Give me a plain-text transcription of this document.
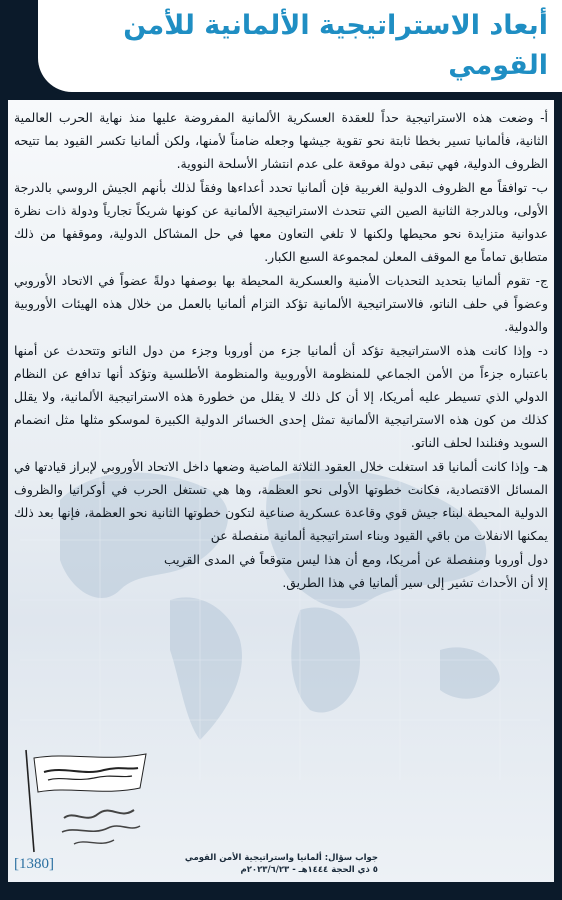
أبعاد الاستراتيجية الألمانية للأمن
القومي

أ- وضعت هذه الاستراتيجية حداً للعقدة العسكرية الألمانية المفروضة عليها منذ نهاية الحرب العالمية الثانية، فألمانيا تسير بخطا ثابتة نحو تقوية جيشها وجعله ضامناً لأمنها، ولكن ألمانيا تكسر القيود بما تتيحه الظروف الدولية، فهي تبقى دولة موقعة على عدم انتشار الأسلحة النووية.

ب- توافقاً مع الظروف الدولية الغربية فإن ألمانيا تحدد أعداءها وفقاً لذلك بأنهم الجيش الروسي بالدرجة الأولى، وبالدرجة الثانية الصين التي تتحدث الاستراتيجية الألمانية عن كونها شريكاً تجارياً ودولة ذات نظرة عدوانية متزايدة نحو محيطها ولكنها لا تلغي التعاون معها في حل المشاكل الدولية، وموقفها من ذلك متطابق تماماً مع الموقف المعلن لمجموعة السبع الكبار.

ج- تقوم ألمانيا بتحديد التحديات الأمنية والعسكرية المحيطة بها بوصفها دولةً عضواً في الاتحاد الأوروبي وعضواً في حلف الناتو، فالاستراتيجية الألمانية تؤكد التزام ألمانيا بالعمل من خلال هذه الهيئات الأوروبية والدولية.

د- وإذا كانت هذه الاستراتيجية تؤكد أن ألمانيا جزء من أوروبا وجزء من دول الناتو وتتحدث عن أمنها باعتباره جزءاً من الأمن الجماعي للمنظومة الأوروبية والمنظومة الأطلسية وتؤكد أنها تدافع عن النظام الدولي الذي تسيطر عليه أمريكا، إلا أن كل ذلك لا يقلل من خطورة هذه الاستراتيجية الألمانية، ولا يقلل كذلك من كون هذه الاستراتيجية الألمانية تمثل إحدى الخسائر الدولية الكبيرة لموسكو مثلها مثل انضمام السويد وفنلندا لحلف الناتو.

هـ- وإذا كانت ألمانيا قد استغلت خلال العقود الثلاثة الماضية وضعها داخل الاتحاد الأوروبي لإبراز قيادتها في المسائل الاقتصادية، فكانت خطوتها الأولى نحو العظمة، وها هي تستغل الحرب في أوكرانيا والظروف الدولية المحيطة لبناء جيش قوي وقاعدة عسكرية صناعية لتكون خطوتها الثانية نحو العظمة، فإنها بعد ذلك يمكنها الانفلات من باقي القيود وبناء استراتيجية ألمانية منفصلة عن

دول أوروبا ومنفصلة عن أمريكا، ومع أن هذا ليس متوقعاً في المدى القريب إلا أن الأحداث تشير إلى سير ألمانيا في هذا الطريق.

جواب سؤال: ألمانيا واستراتيجية الأمن القومي
٥ ذي الحجة ١٤٤٤هـ - ٢٠٢٣/٦/٢٣م
[1380]
